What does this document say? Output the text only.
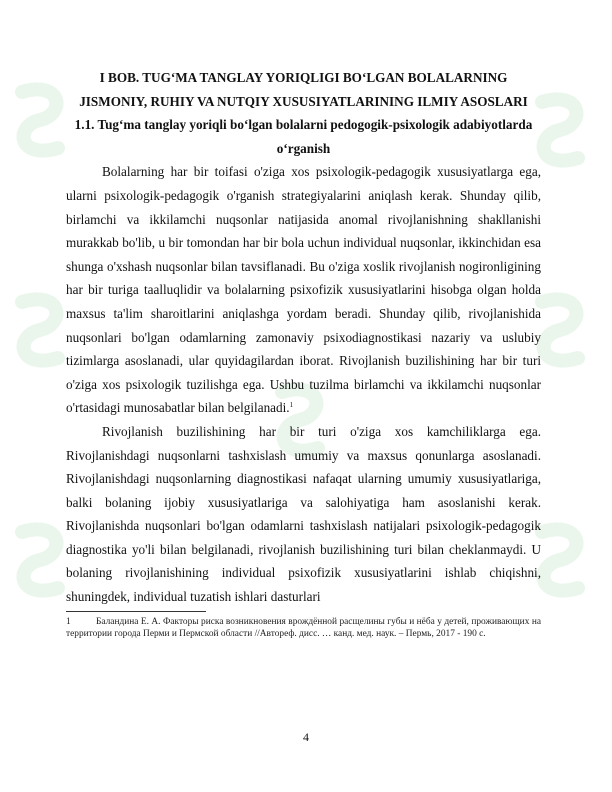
I BOB. TUG‘MA TANGLAY YORIQLIGI BO‘LGAN BOLALARNING JISMONIY, RUHIY VA NUTQIY XUSUSIYATLARINING ILMIY ASOSLARI

1.1. Tug‘ma tanglay yoriqli bo‘lgan bolalarni pedogogik-psixologik adabiyotlarda o‘rganish

Bolalarning har bir toifasi o'ziga xos psixologik-pedagogik xususiyatlarga ega, ularni psixologik-pedagogik o'rganish strategiyalarini aniqlash kerak. Shunday qilib, birlamchi va ikkilamchi nuqsonlar natijasida anomal rivojlanishning shakllanishi murakkab bo'lib, u bir tomondan har bir bola uchun individual nuqsonlar, ikkinchidan esa shunga o'xshash nuqsonlar bilan tavsiflanadi. Bu o'ziga xoslik rivojlanish nogironligining har bir turiga taalluqlidir va bolalarning psixofizik xususiyatlarini hisobga olgan holda maxsus ta'lim sharoitlarini aniqlashga yordam beradi. Shunday qilib, rivojlanishida nuqsonlari bo'lgan odamlarning zamonaviy psixodiagnostikasi nazariy va uslubiy tizimlarga asoslanadi, ular quyidagilardan iborat. Rivojlanish buzilishining har bir turi o'ziga xos psixologik tuzilishga ega. Ushbu tuzilma birlamchi va ikkilamchi nuqsonlar o'rtasidagi munosabatlar bilan belgilanadi.$^1$

Rivojlanish buzilishining har bir turi o'ziga xos kamchiliklarga ega. Rivojlanishdagi nuqsonlarni tashxislash umumiy va maxsus qonunlarga asoslanadi. Rivojlanishdagi nuqsonlarning diagnostikasi nafaqat ularning umumiy xususiyatlariga, balki bolaning ijobiy xususiyatlariga va salohiyatiga ham asoslanishi kerak. Rivojlanishda nuqsonlari bo'lgan odamlarni tashxislash natijalari psixologik-pedagogik diagnostika yo'li bilan belgilanadi, rivojlanish buzilishining turi bilan cheklanmaydi. U bolaning rivojlanishining individual psixofizik xususiyatlarini ishlab chiqishni, shuningdek, individual tuzatish ishlari dasturlari

1	Баландина Е. А. Факторы риска возникновения врождённой расщелины губы и нёба у детей, проживающих на территории города Перми и Пермской области //Автореф. дисс. … канд. мед. наук. – Пермь, 2017 - 190 с.

4
